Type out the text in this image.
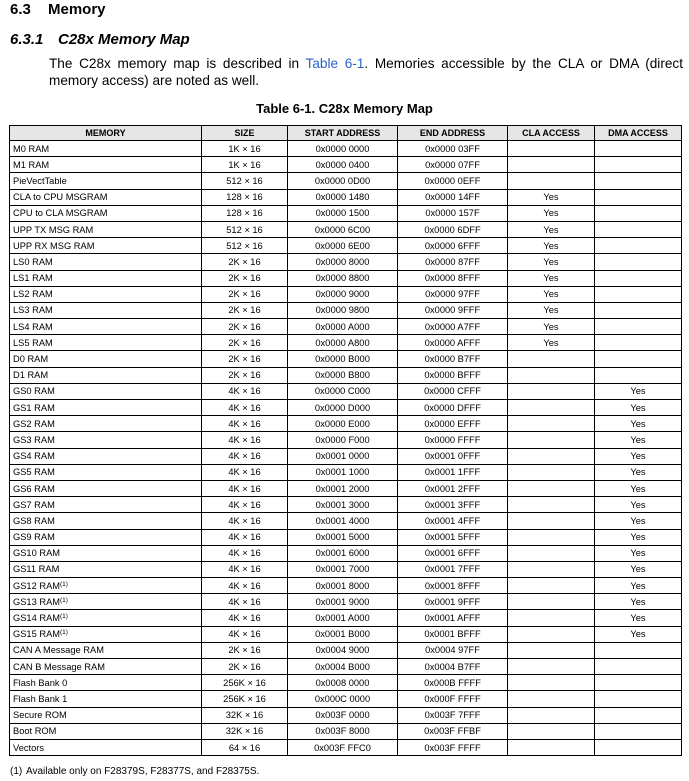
6.3 Memory
6.3.1 C28x Memory Map
The C28x memory map is described in Table 6-1. Memories accessible by the CLA or DMA (direct memory access) are noted as well.
Table 6-1. C28x Memory Map
MEMORY	SIZE	START ADDRESS	END ADDRESS	CLA ACCESS	DMA ACCESS
M0 RAM	1K × 16	0x0000 0000	0x0000 03FF		
M1 RAM	1K × 16	0x0000 0400	0x0000 07FF		
PieVectTable	512 × 16	0x0000 0D00	0x0000 0EFF		
CLA to CPU MSGRAM	128 × 16	0x0000 1480	0x0000 14FF	Yes	
CPU to CLA MSGRAM	128 × 16	0x0000 1500	0x0000 157F	Yes	
UPP TX MSG RAM	512 × 16	0x0000 6C00	0x0000 6DFF	Yes	
UPP RX MSG RAM	512 × 16	0x0000 6E00	0x0000 6FFF	Yes	
LS0 RAM	2K × 16	0x0000 8000	0x0000 87FF	Yes	
LS1 RAM	2K × 16	0x0000 8800	0x0000 8FFF	Yes	
LS2 RAM	2K × 16	0x0000 9000	0x0000 97FF	Yes	
LS3 RAM	2K × 16	0x0000 9800	0x0000 9FFF	Yes	
LS4 RAM	2K × 16	0x0000 A000	0x0000 A7FF	Yes	
LS5 RAM	2K × 16	0x0000 A800	0x0000 AFFF	Yes	
D0 RAM	2K × 16	0x0000 B000	0x0000 B7FF		
D1 RAM	2K × 16	0x0000 B800	0x0000 BFFF		
GS0 RAM	4K × 16	0x0000 C000	0x0000 CFFF		Yes
GS1 RAM	4K × 16	0x0000 D000	0x0000 DFFF		Yes
GS2 RAM	4K × 16	0x0000 E000	0x0000 EFFF		Yes
GS3 RAM	4K × 16	0x0000 F000	0x0000 FFFF		Yes
GS4 RAM	4K × 16	0x0001 0000	0x0001 0FFF		Yes
GS5 RAM	4K × 16	0x0001 1000	0x0001 1FFF		Yes
GS6 RAM	4K × 16	0x0001 2000	0x0001 2FFF		Yes
GS7 RAM	4K × 16	0x0001 3000	0x0001 3FFF		Yes
GS8 RAM	4K × 16	0x0001 4000	0x0001 4FFF		Yes
GS9 RAM	4K × 16	0x0001 5000	0x0001 5FFF		Yes
GS10 RAM	4K × 16	0x0001 6000	0x0001 6FFF		Yes
GS11 RAM	4K × 16	0x0001 7000	0x0001 7FFF		Yes
GS12 RAM$^{(1)}$	4K × 16	0x0001 8000	0x0001 8FFF		Yes
GS13 RAM$^{(1)}$	4K × 16	0x0001 9000	0x0001 9FFF		Yes
GS14 RAM$^{(1)}$	4K × 16	0x0001 A000	0x0001 AFFF		Yes
GS15 RAM$^{(1)}$	4K × 16	0x0001 B000	0x0001 BFFF		Yes
CAN A Message RAM	2K × 16	0x0004 9000	0x0004 97FF		
CAN B Message RAM	2K × 16	0x0004 B000	0x0004 B7FF		
Flash Bank 0	256K × 16	0x0008 0000	0x000B FFFF		
Flash Bank 1	256K × 16	0x000C 0000	0x000F FFFF		
Secure ROM	32K × 16	0x003F 0000	0x003F 7FFF		
Boot ROM	32K × 16	0x003F 8000	0x003F FFBF		
Vectors	64 × 16	0x003F FFC0	0x003F FFFF		
(1) Available only on F28379S, F28377S, and F28375S.
